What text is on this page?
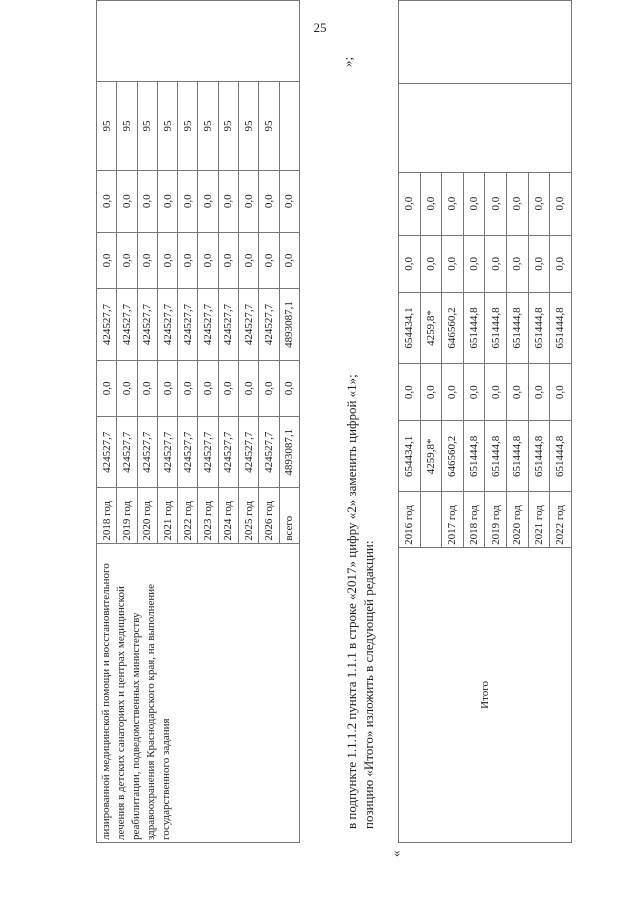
25
лизированной медицинской помощи и восстановительного лечения в детских санаториях и центрах медицинской реабилитации, подведомственных министерству здравоохранения Краснодарского края, на выполнение государственного задания	2018 год	424527,7	0,0	424527,7	0,0	0,0	95	
	2019 год	424527,7	0,0	424527,7	0,0	0,0	95	
	2020 год	424527,7	0,0	424527,7	0,0	0,0	95	
	2021 год	424527,7	0,0	424527,7	0,0	0,0	95	
	2022 год	424527,7	0,0	424527,7	0,0	0,0	95	
	2023 год	424527,7	0,0	424527,7	0,0	0,0	95	
	2024 год	424527,7	0,0	424527,7	0,0	0,0	95	
	2025 год	424527,7	0,0	424527,7	0,0	0,0	95	
	2026 год	424527,7	0,0	424527,7	0,0	0,0	95	
	всего	4893087,1	0,0	4893087,1	0,0	0,0		
»;
в подпункте 1.1.1.2 пункта 1.1.1 в строке «2017» цифру «2» заменить цифрой «1»; позицию «Итого» изложить в следующей редакции:
«
Итого	2016 год	654434,1	0,0	654434,1	0,0	0,0		
		4259,8*	0,0	4259,8*	0,0	0,0		
	2017 год	646560,2	0,0	646560,2	0,0	0,0		
	2018 год	651444,8	0,0	651444,8	0,0	0,0		
	2019 год	651444,8	0,0	651444,8	0,0	0,0		
	2020 год	651444,8	0,0	651444,8	0,0	0,0		
	2021 год	651444,8	0,0	651444,8	0,0	0,0		
	2022 год	651444,8	0,0	651444,8	0,0	0,0		
